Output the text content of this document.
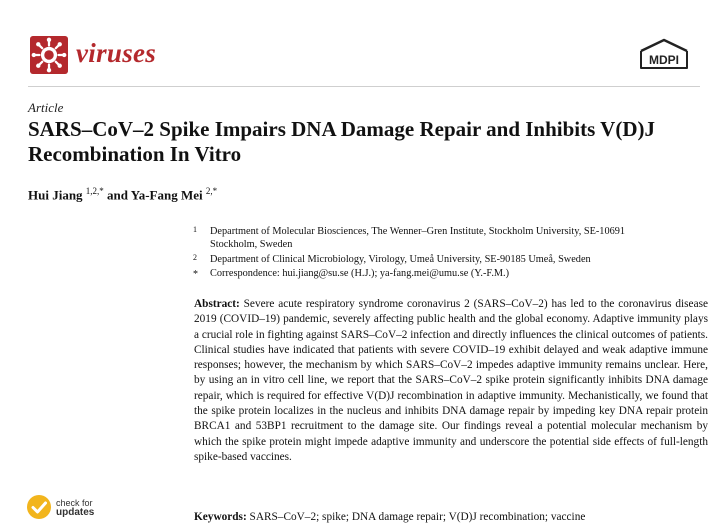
viruses	MDPI
Article
SARS–CoV–2 Spike Impairs DNA Damage Repair and Inhibits V(D)J Recombination In Vitro
Hui Jiang $^{1,2,*}$ and Ya-Fang Mei $^{2,*}$
1 Department of Molecular Biosciences, The Wenner–Gren Institute, Stockholm University, SE-10691 Stockholm, Sweden
2 Department of Clinical Microbiology, Virology, Umeå University, SE-90185 Umeå, Sweden
* Correspondence: hui.jiang@su.se (H.J.); ya-fang.mei@umu.se (Y.-F.M.)
Abstract: Severe acute respiratory syndrome coronavirus 2 (SARS–CoV–2) has led to the coronavirus disease 2019 (COVID–19) pandemic, severely affecting public health and the global economy. Adaptive immunity plays a crucial role in fighting against SARS–CoV–2 infection and directly influences the clinical outcomes of patients. Clinical studies have indicated that patients with severe COVID–19 exhibit delayed and weak adaptive immune responses; however, the mechanism by which SARS–CoV–2 impedes adaptive immunity remains unclear. Here, by using an in vitro cell line, we report that the SARS–CoV–2 spike protein significantly inhibits DNA damage repair, which is required for effective V(D)J recombination in adaptive immunity. Mechanistically, we found that the spike protein localizes in the nucleus and inhibits DNA damage repair by impeding key DNA repair protein BRCA1 and 53BP1 recruitment to the damage site. Our findings reveal a potential molecular mechanism by which the spike protein might impede adaptive immunity and underscore the potential side effects of full-length spike-based vaccines.
Keywords: SARS–CoV–2; spike; DNA damage repair; V(D)J recombination; vaccine
check for
updates
